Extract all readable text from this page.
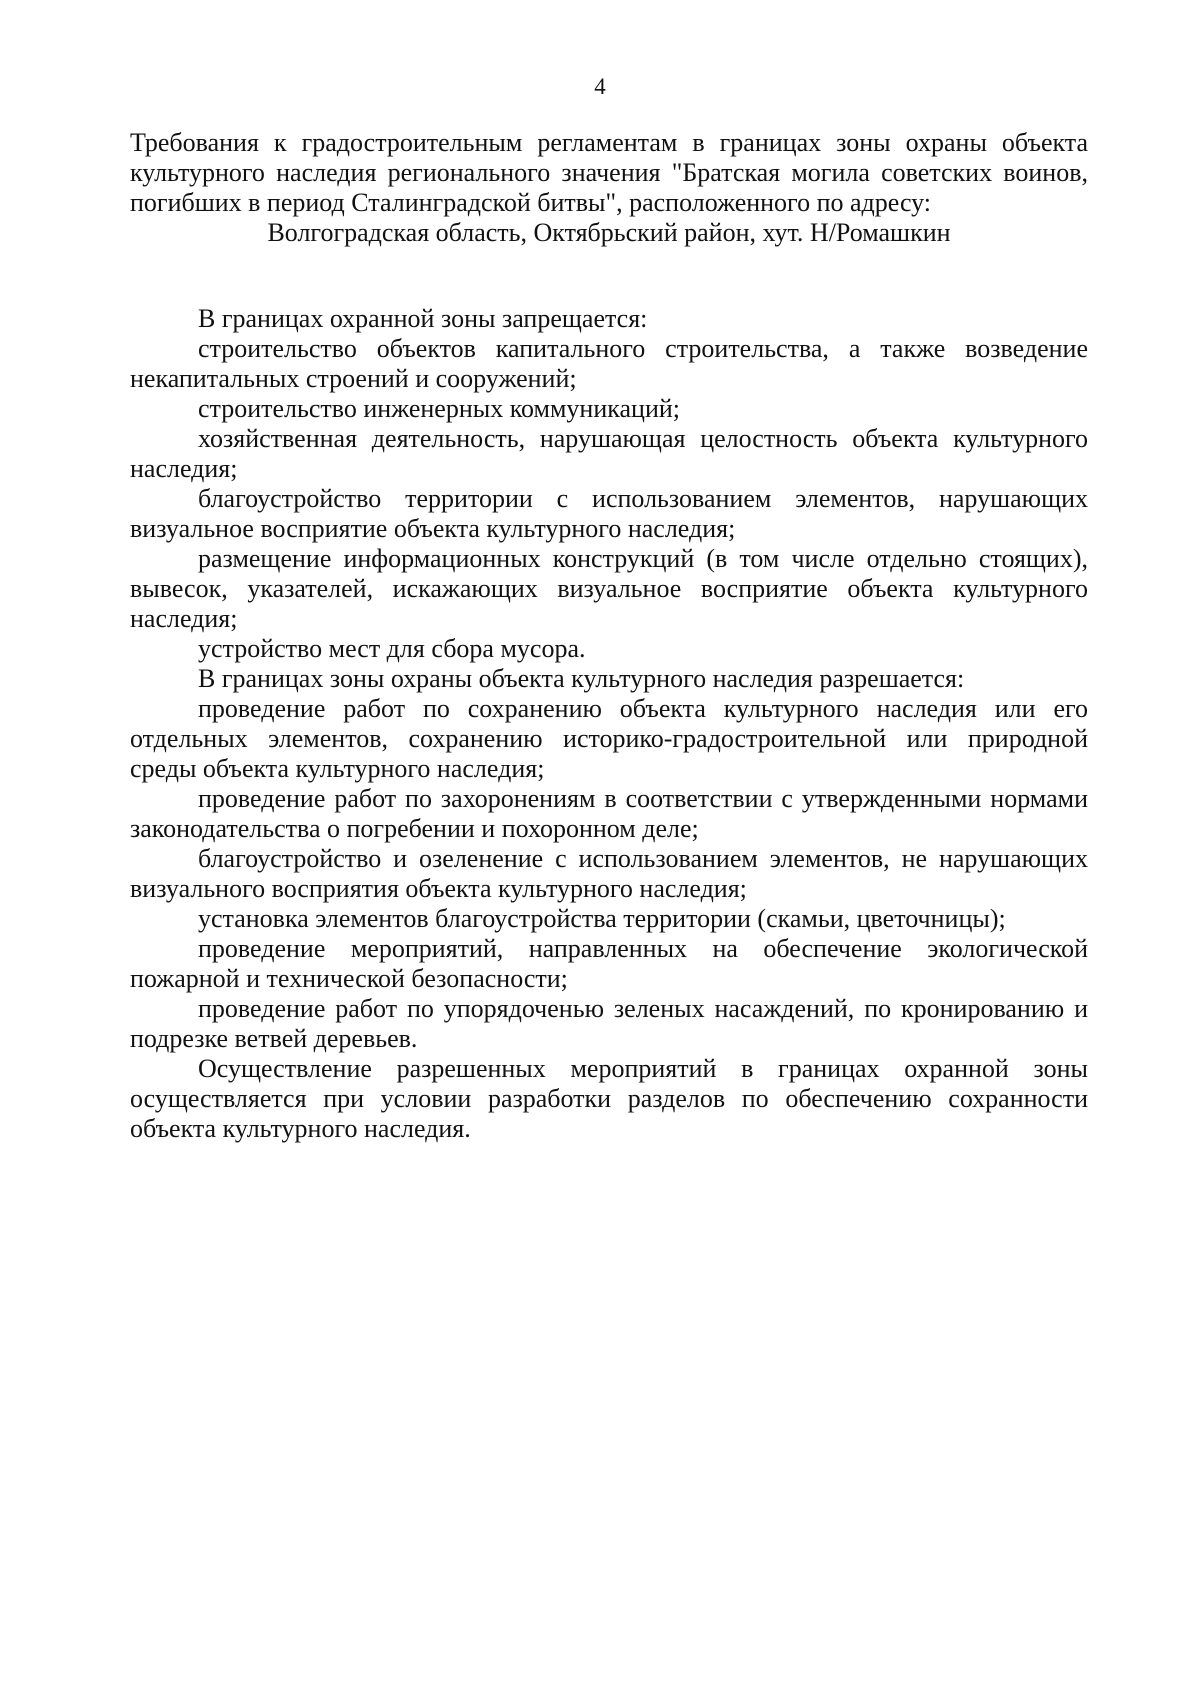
4

Требования к градостроительным регламентам в границах зоны охраны объекта культурного наследия регионального значения "Братская могила советских воинов, погибших в период Сталинградской битвы", расположенного по адресу:

Волгоградская область, Октябрьский район, хут. Н/Ромашкин

В границах охранной зоны запрещается:

строительство объектов капитального строительства, а также возведение некапитальных строений и сооружений;

строительство инженерных коммуникаций;

хозяйственная деятельность, нарушающая целостность объекта культурного наследия;

благоустройство территории с использованием элементов, нарушающих визуальное восприятие объекта культурного наследия;

размещение информационных конструкций (в том числе отдельно стоящих), вывесок, указателей, искажающих визуальное восприятие объекта культурного наследия;

устройство мест для сбора мусора.

В границах зоны охраны объекта культурного наследия разрешается:

проведение работ по сохранению объекта культурного наследия или его отдельных элементов, сохранению историко-градостроительной или природной среды объекта культурного наследия;

проведение работ по захоронениям в соответствии с утвержденными нормами законодательства о погребении и похоронном деле;

благоустройство и озеленение с использованием элементов, не нарушающих визуального восприятия объекта культурного наследия;

установка элементов благоустройства территории (скамьи, цветочницы);

проведение мероприятий, направленных на обеспечение экологической пожарной и технической безопасности;

проведение работ по упорядоченью зеленых насаждений, по кронированию и подрезке ветвей деревьев.

Осуществление разрешенных мероприятий в границах охранной зоны осуществляется при условии разработки разделов по обеспечению сохранности объекта культурного наследия.
